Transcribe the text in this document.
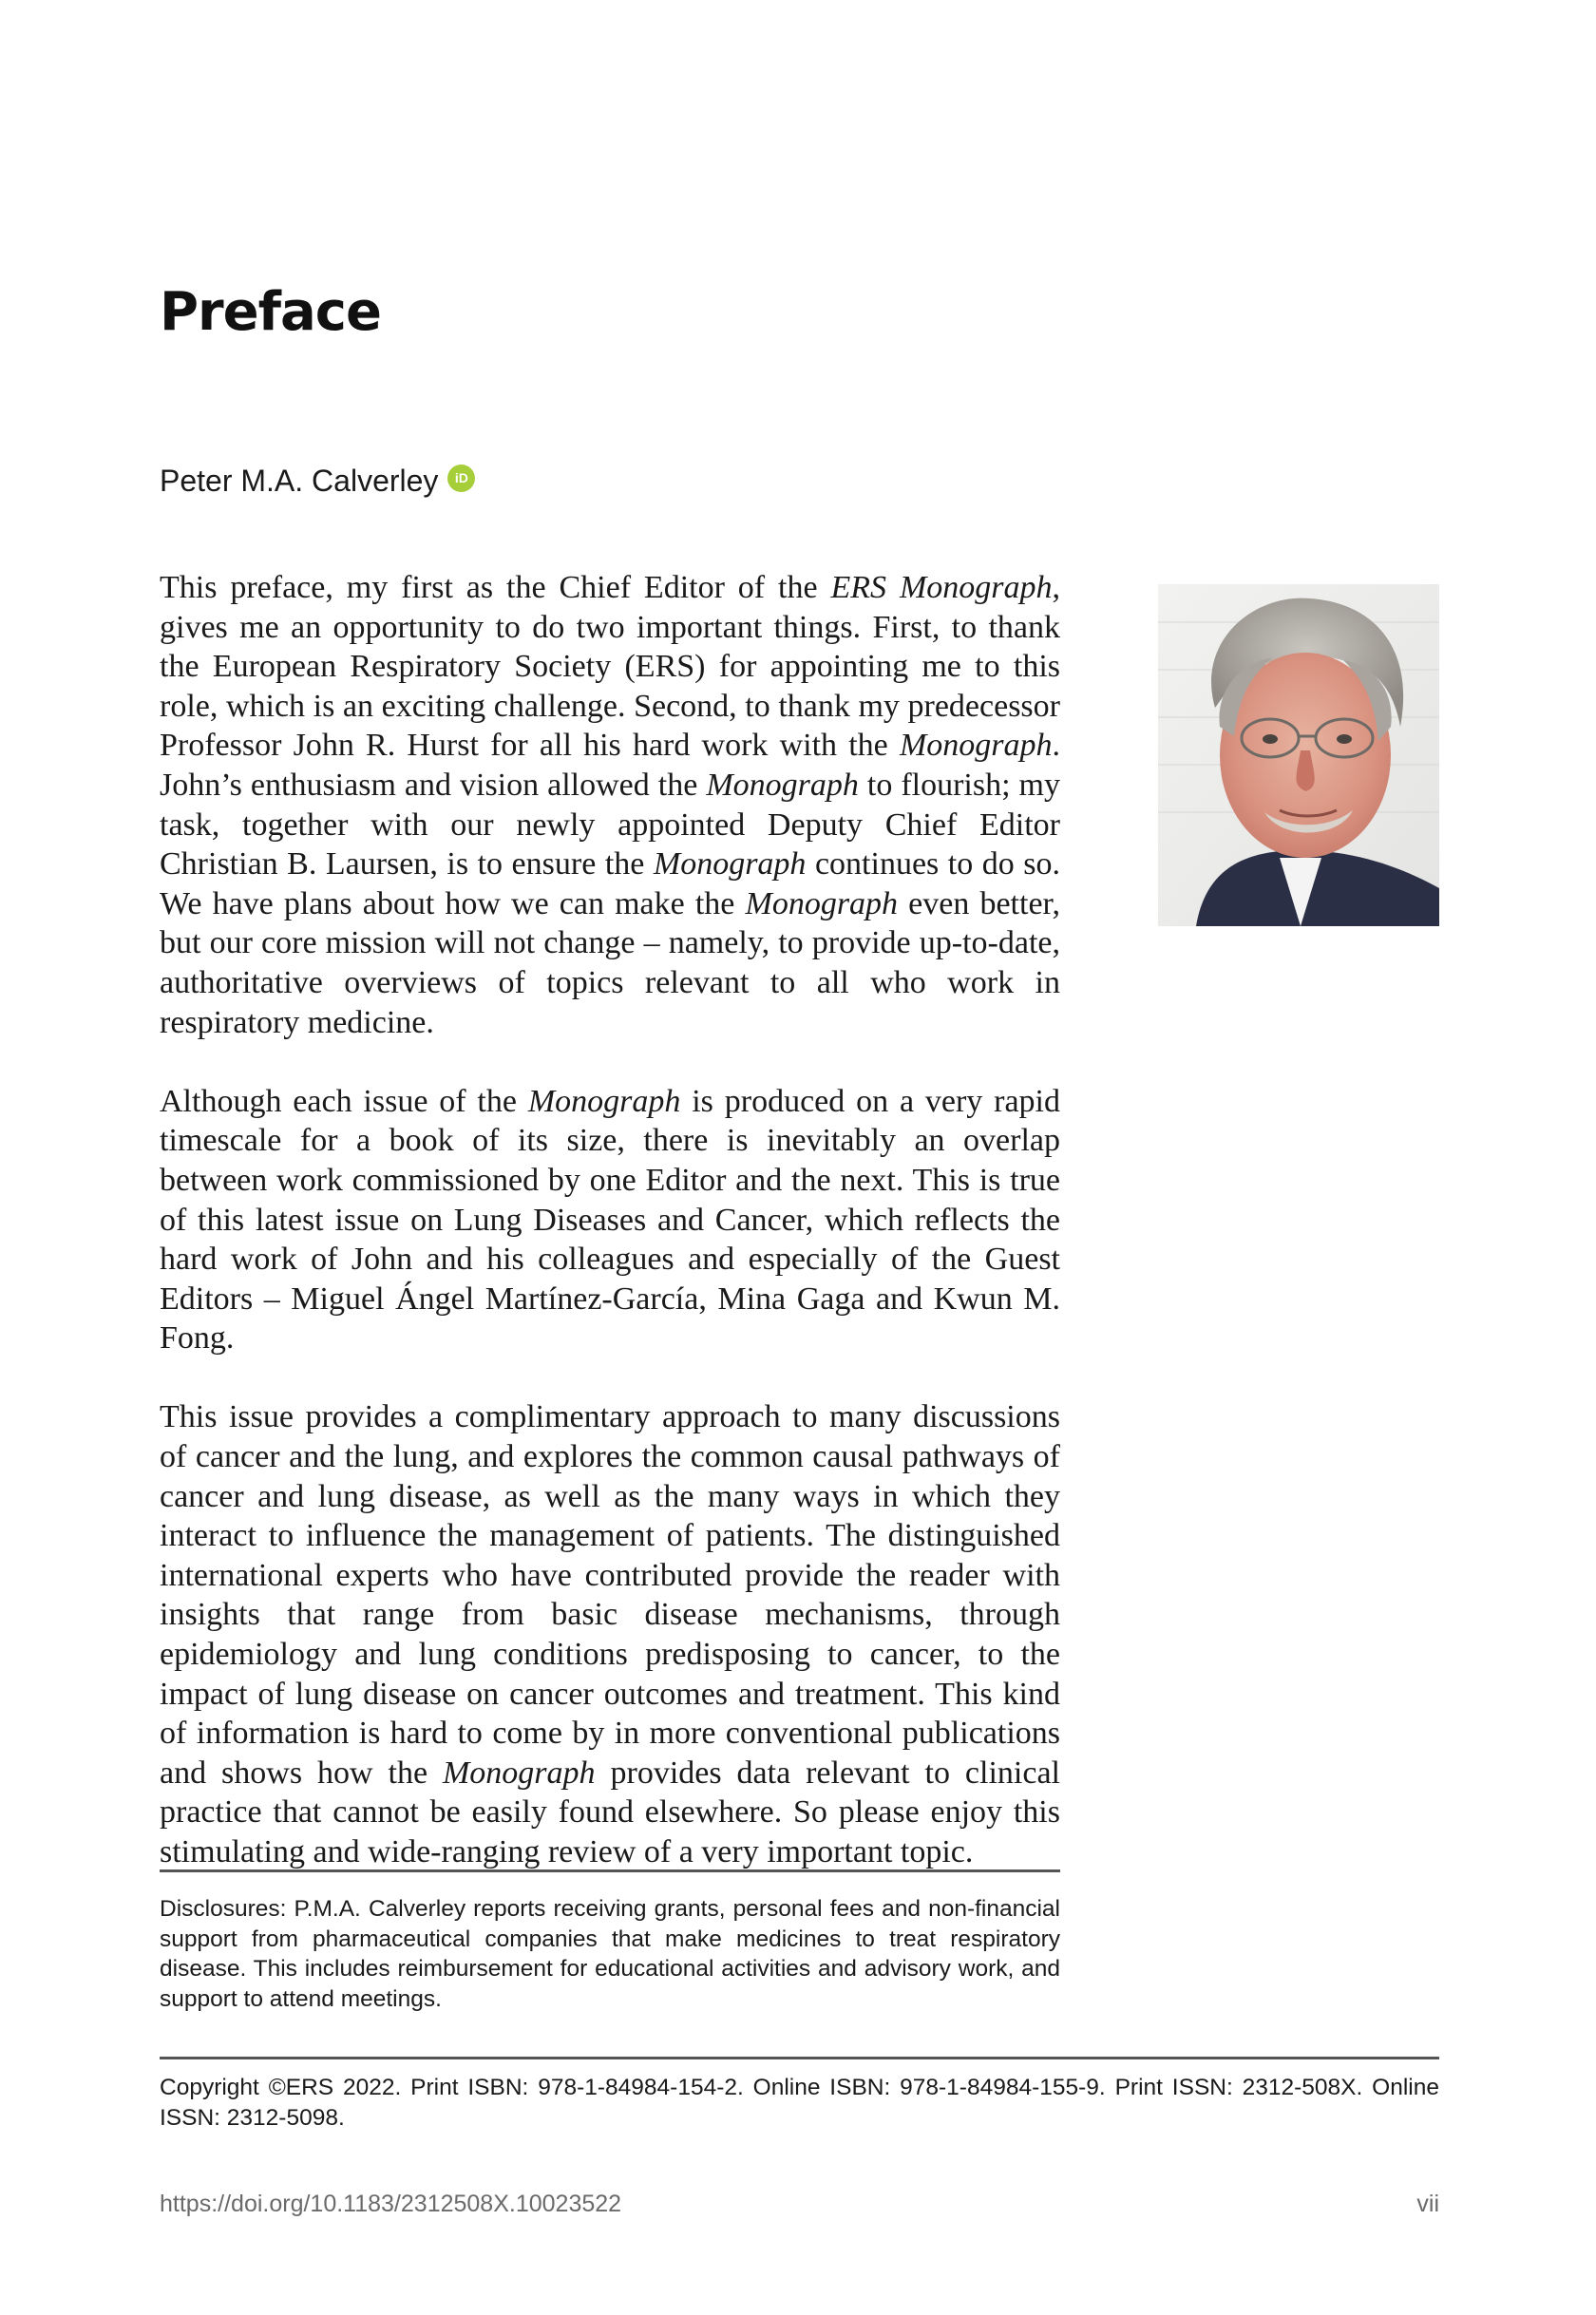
Preface
Peter M.A. Calverley	iD

This preface, my first as the Chief Editor of the ERS Monograph, gives me an opportunity to do two important things. First, to thank the European Respiratory Society (ERS) for appointing me to this role, which is an exciting challenge. Second, to thank my predecessor Professor John R. Hurst for all his hard work with the Monograph. John’s enthusiasm and vision allowed the Monograph to flourish; my task, together with our newly appointed Deputy Chief Editor Christian B. Laursen, is to ensure the Monograph continues to do so. We have plans about how we can make the Monograph even better, but our core mission will not change – namely, to provide up-to-date, authoritative overviews of topics relevant to all who work in respiratory medicine.

Although each issue of the Monograph is produced on a very rapid timescale for a book of its size, there is inevitably an overlap between work commissioned by one Editor and the next. This is true of this latest issue on Lung Diseases and Cancer, which reflects the hard work of John and his colleagues and especially of the Guest Editors – Miguel Ángel Martínez-García, Mina Gaga and Kwun M. Fong.

This issue provides a complimentary approach to many discussions of cancer and the lung, and explores the common causal pathways of cancer and lung disease, as well as the many ways in which they interact to influence the management of patients. The distinguished international experts who have contributed provide the reader with insights that range from basic disease mechanisms, through epidemiology and lung conditions predisposing to cancer, to the impact of lung disease on cancer outcomes and treatment. This kind of information is hard to come by in more conventional publications and shows how the Monograph provides data relevant to clinical practice that cannot be easily found elsewhere. So please enjoy this stimulating and wide-ranging review of a very important topic.

Disclosures: P.M.A. Calverley reports receiving grants, personal fees and non-financial support from pharmaceutical companies that make medicines to treat respiratory disease. This includes reimbursement for educational activities and advisory work, and support to attend meetings.
Copyright ©ERS 2022. Print ISBN: 978-1-84984-154-2. Online ISBN: 978-1-84984-155-9. Print ISSN: 2312-508X. Online ISSN: 2312-5098.
https://doi.org/10.1183/2312508X.10023522	vii
